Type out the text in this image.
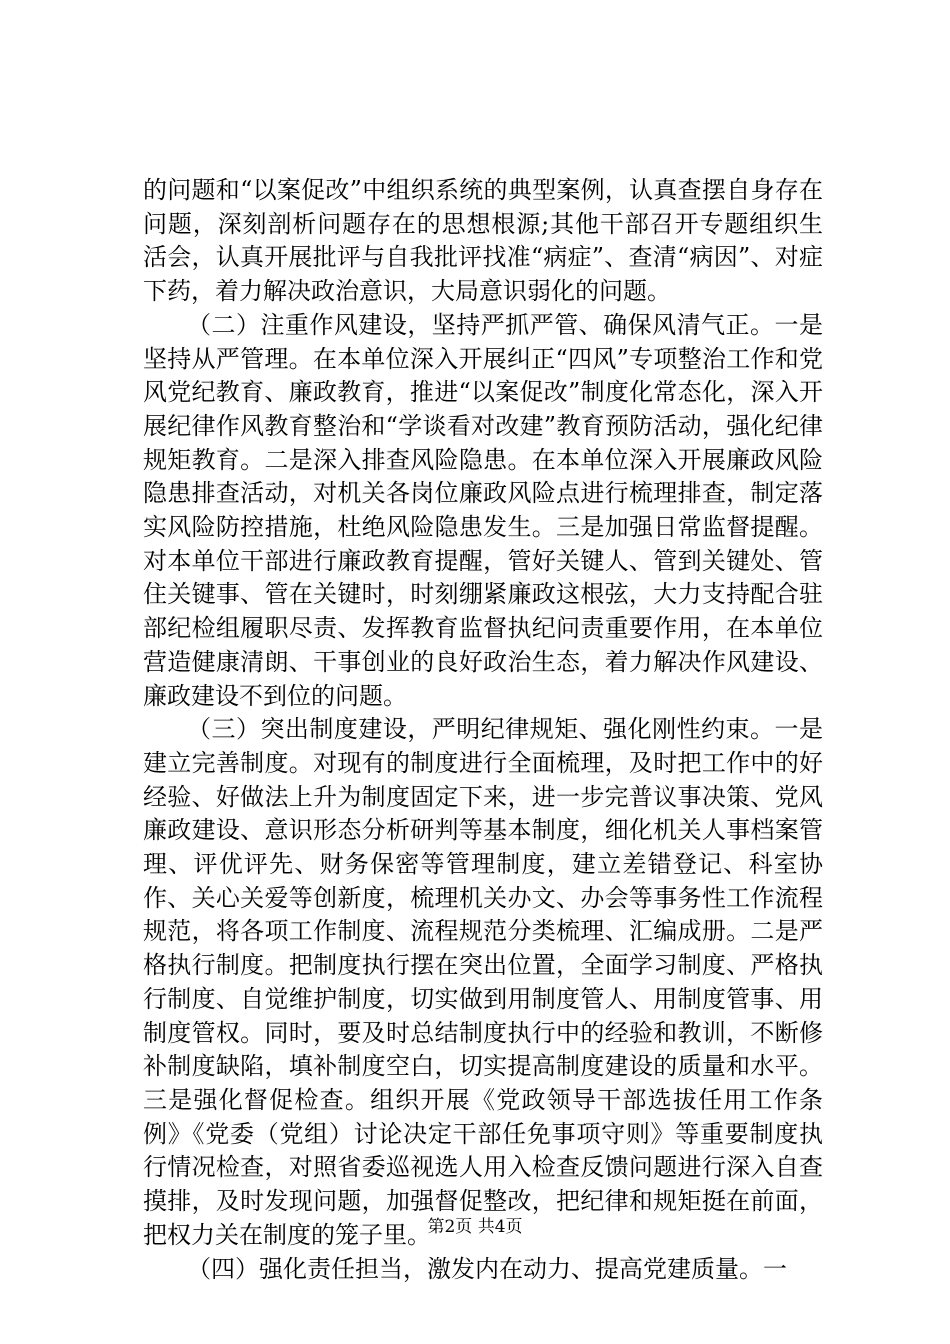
的问题和“以案促改”中组织系统的典型案例，认真查摆自身存在问题，深刻剖析问题存在的思想根源;其他干部召开专题组织生活会，认真开展批评与自我批评找准“病症”、查清“病因”、对症下药，着力解决政治意识，大局意识弱化的问题。

（二）注重作风建设，坚持严抓严管、确保风清气正。一是坚持从严管理。在本单位深入开展纠正“四风”专项整治工作和党风党纪教育、廉政教育，推进“以案促改”制度化常态化，深入开展纪律作风教育整治和“学谈看对改建”教育预防活动，强化纪律规矩教育。二是深入排查风险隐患。在本单位深入开展廉政风险隐患排查活动，对机关各岗位廉政风险点进行梳理排查，制定落实风险防控措施，杜绝风险隐患发生。三是加强日常监督提醒。对本单位干部进行廉政教育提醒，管好关键人、管到关键处、管住关键事、管在关键时，时刻绷紧廉政这根弦，大力支持配合驻部纪检组履职尽责、发挥教育监督执纪问责重要作用，在本单位营造健康清朗、干事创业的良好政治生态，着力解决作风建设、廉政建设不到位的问题。

（三）突出制度建设，严明纪律规矩、强化刚性约束。一是建立完善制度。对现有的制度进行全面梳理，及时把工作中的好经验、好做法上升为制度固定下来，进一步完普议事决策、党风廉政建设、意识形态分析研判等基本制度，细化机关人事档案管理、评优评先、财务保密等管理制度，建立差错登记、科室协作、关心关爱等创新度，梳理机关办文、办会等事务性工作流程规范，将各项工作制度、流程规范分类梳理、汇编成册。二是严格执行制度。把制度执行摆在突出位置，全面学习制度、严格执行制度、自觉维护制度，切实做到用制度管人、用制度管事、用制度管权。同时，要及时总结制度执行中的经验和教训，不断修补制度缺陷，填补制度空白，切实提高制度建设的质量和水平。三是强化督促检查。组织开展《党政领导干部选拔任用工作条例》《党委（党组）讨论决定干部任免事项守则》等重要制度执行情况检查，对照省委巡视选人用入检查反馈问题进行深入自查摸排，及时发现问题，加强督促整改，把纪律和规矩挺在前面，把权力关在制度的笼子里。

（四）强化责任担当，激发内在动力、提高党建质量。一

第2页 共4页
